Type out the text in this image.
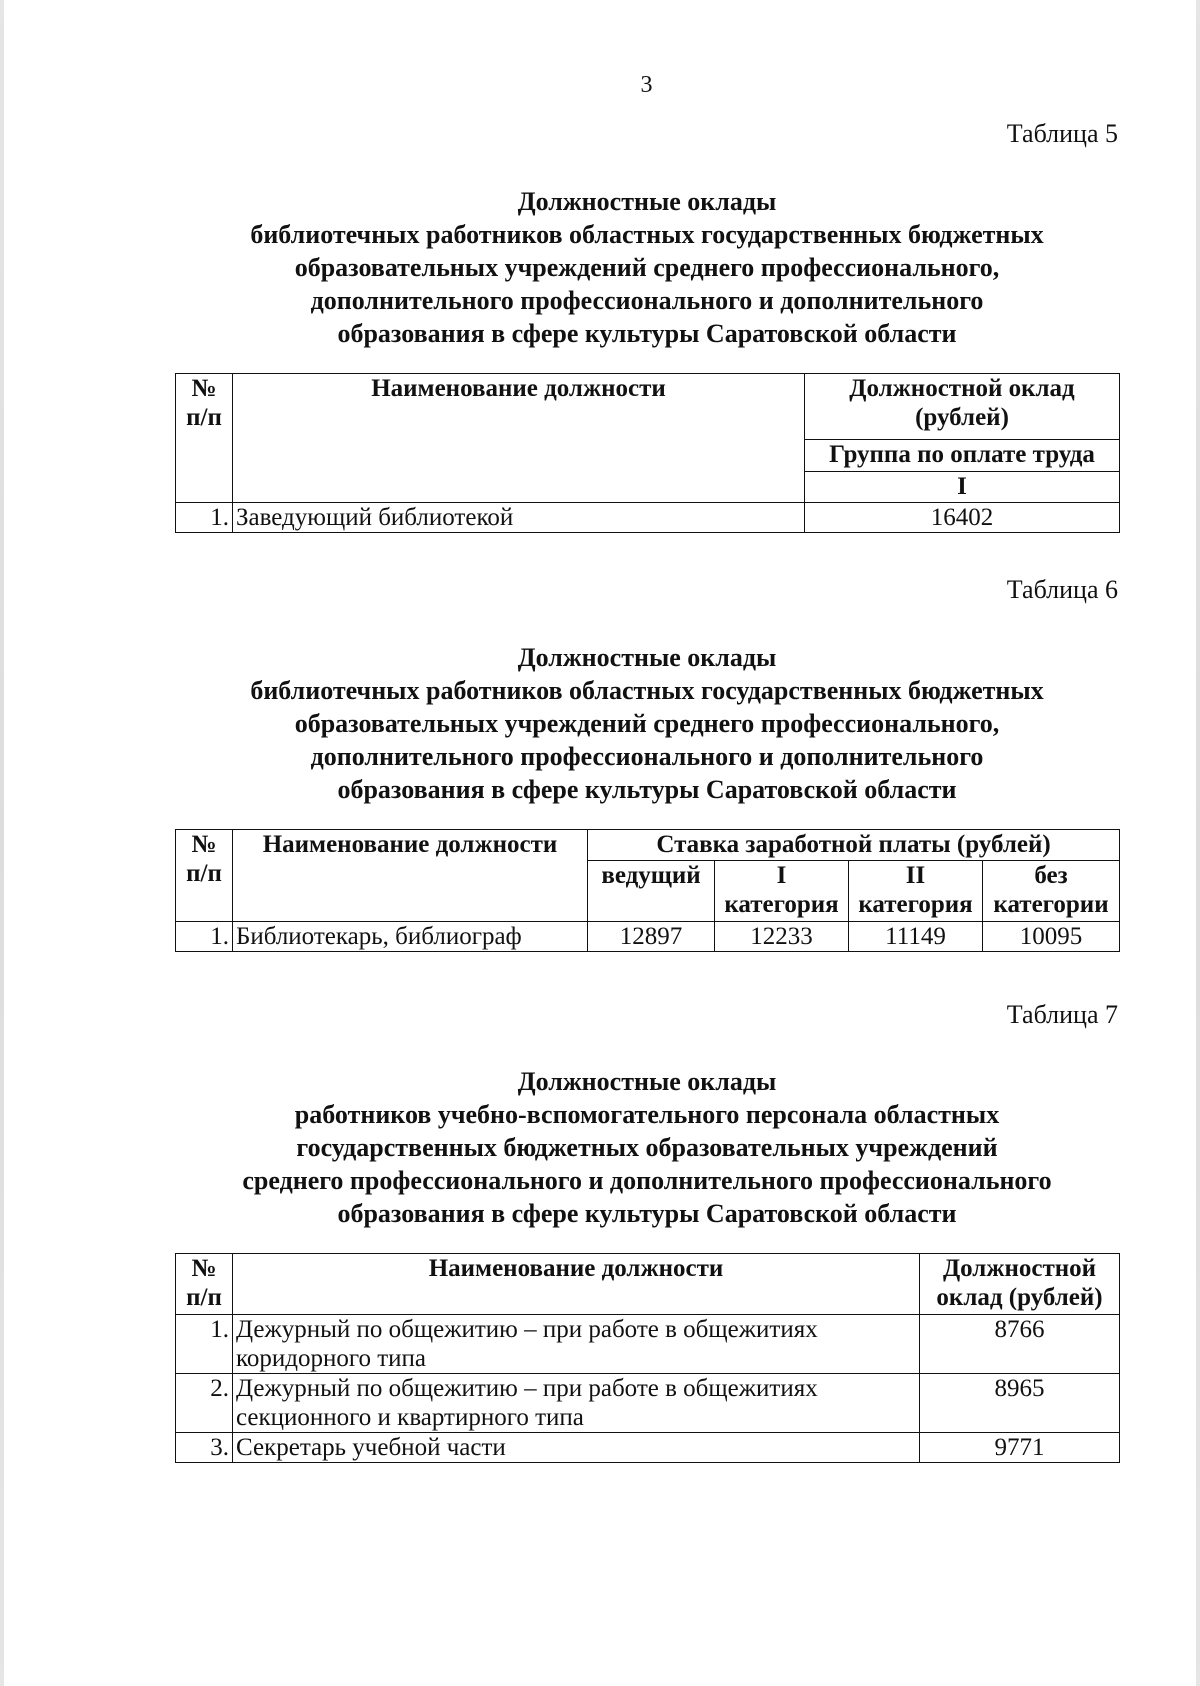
3
Таблица 5
Должностные оклады
библиотечных работников областных государственных бюджетных
образовательных учреждений среднего профессионального,
дополнительного профессионального и дополнительного
образования в сфере культуры Саратовской области
№ п/п	Наименование должности	Должностной оклад (рублей)
		Группа по оплате труда
		I
1.	Заведующий библиотекой	16402
Таблица 6
Должностные оклады
библиотечных работников областных государственных бюджетных
образовательных учреждений среднего профессионального,
дополнительного профессионального и дополнительного
образования в сфере культуры Саратовской области
№ п/п	Наименование должности	Ставка заработной платы (рублей)			
		ведущий	I категория	II категория	без категории
1.	Библиотекарь, библиограф	12897	12233	11149	10095
Таблица 7
Должностные оклады
работников учебно-вспомогательного персонала областных
государственных бюджетных образовательных учреждений
среднего профессионального и дополнительного профессионального
образования в сфере культуры Саратовской области
№ п/п	Наименование должности	Должностной оклад (рублей)
1.	Дежурный по общежитию – при работе в общежитиях коридорного типа	8766
2.	Дежурный по общежитию – при работе в общежитиях секционного и квартирного типа	8965
3.	Секретарь учебной части	9771
